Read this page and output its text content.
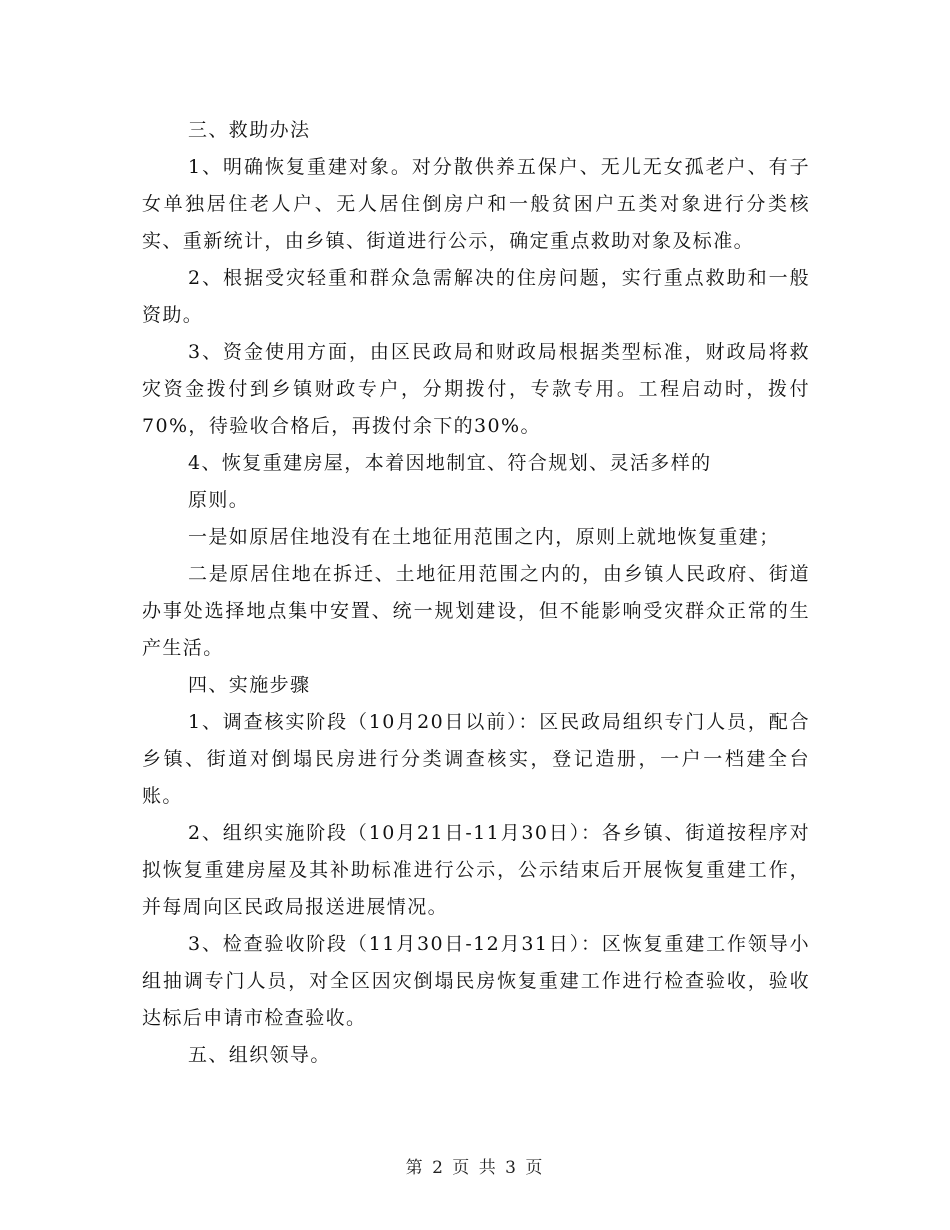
三、救助办法

1、明确恢复重建对象。对分散供养五保户、无儿无女孤老户、有子女单独居住老人户、无人居住倒房户和一般贫困户五类对象进行分类核实、重新统计，由乡镇、街道进行公示，确定重点救助对象及标准。

2、根据受灾轻重和群众急需解决的住房问题，实行重点救助和一般资助。

3、资金使用方面，由区民政局和财政局根据类型标准，财政局将救灾资金拨付到乡镇财政专户，分期拨付，专款专用。工程启动时，拨付70%，待验收合格后，再拨付余下的30%。

4、恢复重建房屋，本着因地制宜、符合规划、灵活多样的

原则。

一是如原居住地没有在土地征用范围之内，原则上就地恢复重建；

二是原居住地在拆迁、土地征用范围之内的，由乡镇人民政府、街道办事处选择地点集中安置、统一规划建设，但不能影响受灾群众正常的生产生活。

四、实施步骤

1、调查核实阶段（10月20日以前）：区民政局组织专门人员，配合乡镇、街道对倒塌民房进行分类调查核实，登记造册，一户一档建全台账。

2、组织实施阶段（10月21日-11月30日）：各乡镇、街道按程序对拟恢复重建房屋及其补助标准进行公示，公示结束后开展恢复重建工作，并每周向区民政局报送进展情况。

3、检查验收阶段（11月30日-12月31日）：区恢复重建工作领导小组抽调专门人员，对全区因灾倒塌民房恢复重建工作进行检查验收，验收达标后申请市检查验收。

五、组织领导。

第 2 页 共 3 页
